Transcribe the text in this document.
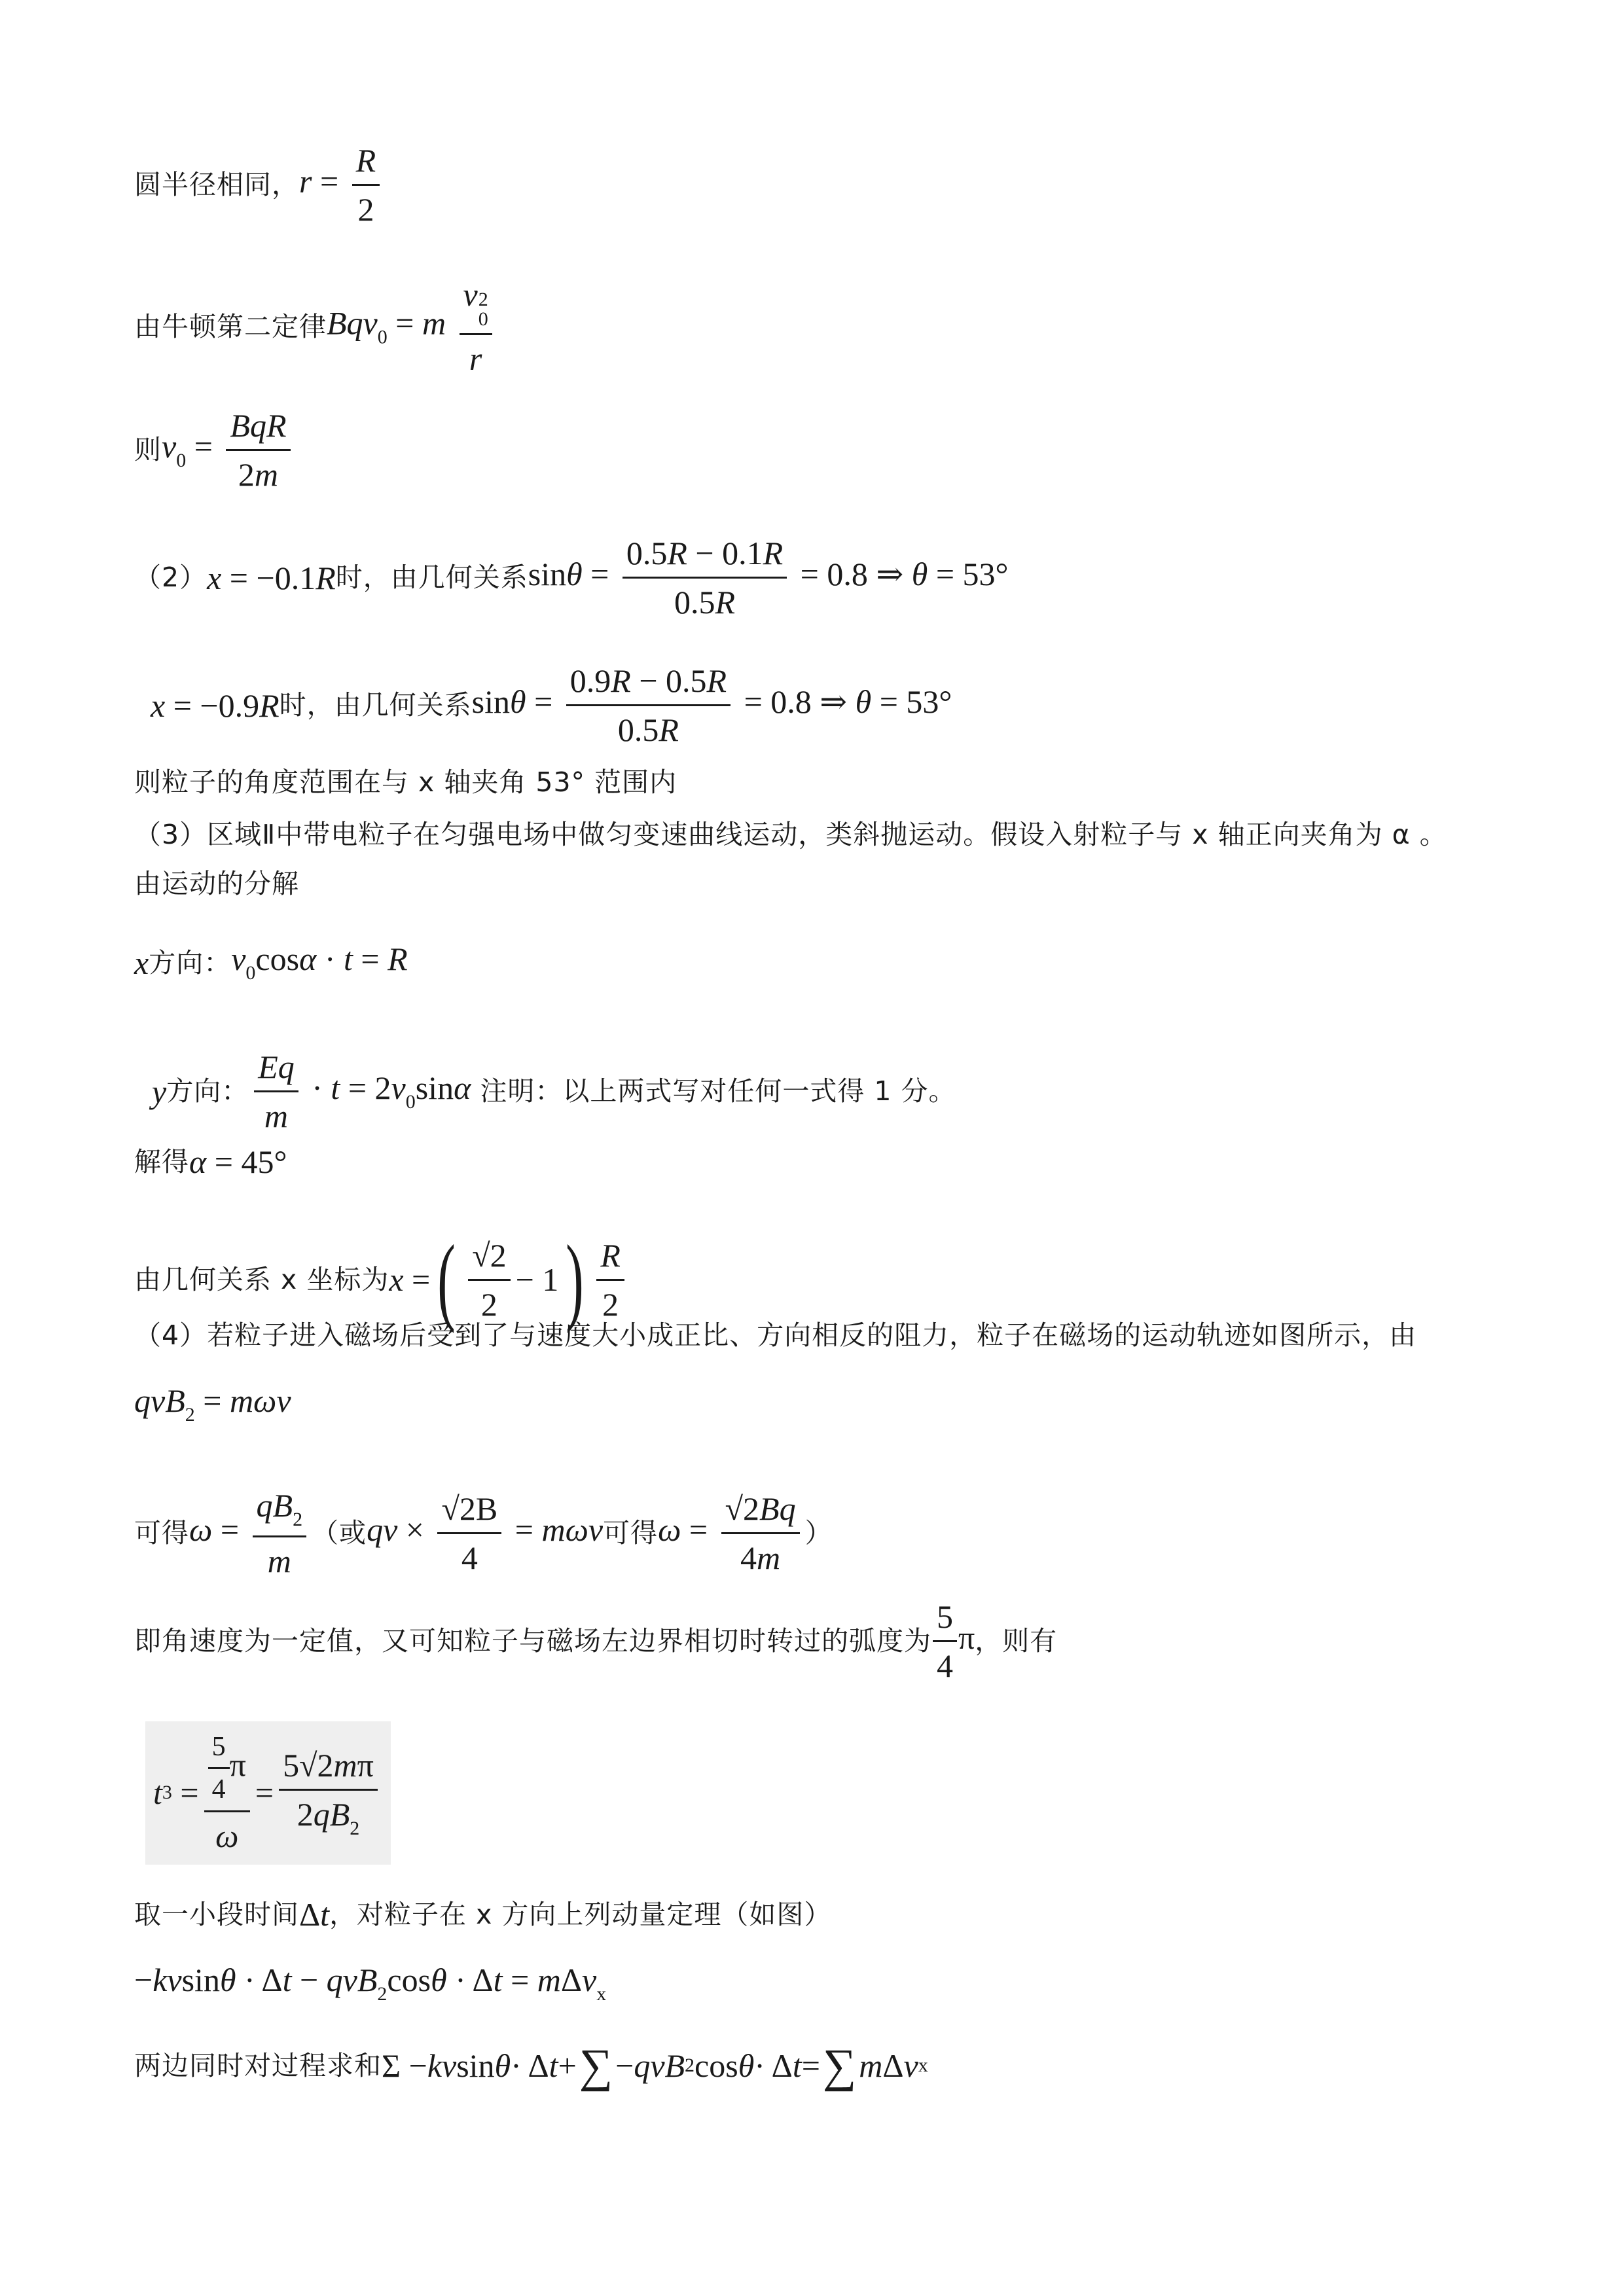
圆半径相同， $r = \frac{R}{2}$
由牛顿第二定律 Bqv$_0$ = m v 2
0
r
则 $v_0 = \frac{\text{BqR}}{2m}$
（2） x = −0.1R 时，由几何关系 $\sin\theta = \frac{0.5R - 0.1R}{0.5R} = 0.8$ ⇒ θ = 53°
x = −0.9R 时，由几何关系 $\sin\theta = \frac{0.9R - 0.5R}{0.5R} = 0.8$ ⇒ θ = 53°
则粒子的角度范围在与 x 轴夹角 53° 范围内
（3）区域Ⅱ中带电粒子在匀强电场中做匀变速曲线运动，类斜抛运动。假设入射粒子与 x 轴正向夹角为 α 。
由运动的分解
x 方向： $v_0\cos\alpha \cdot t = R$
y 方向： $\frac{Eq}{m} \cdot t = 2v_0\sin\alpha$ 注明：以上两式写对任何一式得 1 分。
解得 α = 45°
由几何关系 x 坐标为 x = ( $\frac{√2}{2} - 1$ ) $\frac{R}{2}$
（4）若粒子进入磁场后受到了与速度大小成正比、方向相反的阻力，粒子在磁场的运动轨迹如图所示，由
qvB$_2$ = mωv
可得 $\omega = \frac{qB_2}{m}$ （或 qv × $\frac{√2B}{4} = m\omega v$ 可得 $\omega = \frac{√2Bq}{4m}$ ）
即角速度为一定值，又可知粒子与磁场左边界相切时转过的弧度为 $\frac{5}{4}$ π ，则有
t $3 = \frac{\frac{5}{4} \pi}{\omega} = \frac{5√2m\pi}{2qB_2}$
取一小段时间 Δt ，对粒子在 x 方向上列动量定理（如图）
−kvsinθ · Δt − qvB$_2$cosθ · Δt = mΔv$_x$
两边同时对过程求和 Σ − kv sin θ · Δ t + ∑ − qvB 2 cos θ · Δ t = ∑ m Δ v x
